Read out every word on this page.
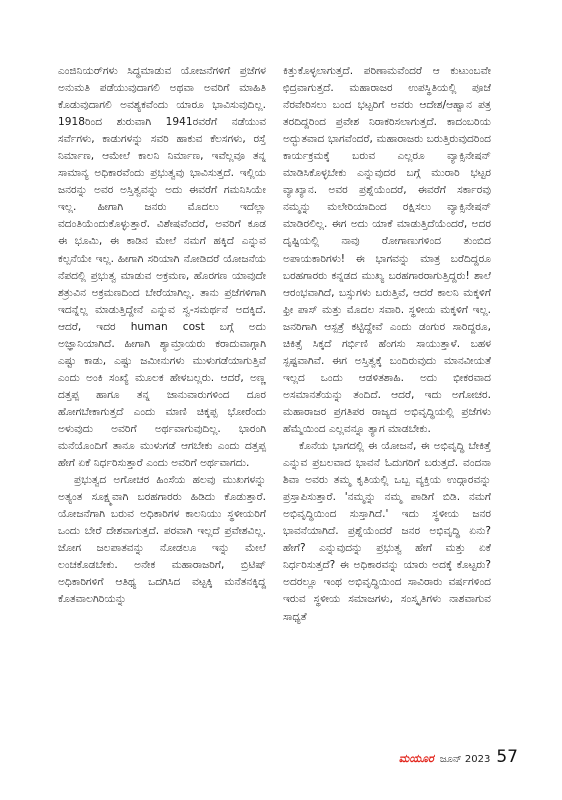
ಎಂಜಿನಿಯರ್‌ಗಳು ಸಿದ್ಧಮಾಡುವ ಯೋಜನೆಗಳಿಗೆ ಪ್ರಜೆಗಳ ಅನುಮತಿ ಪಡೆಯುವುದಾಗಲಿ ಅಥವಾ ಅವರಿಗೆ ಮಾಹಿತಿ ಕೊಡುವುದಾಗಲಿ ಅವಶ್ಯಕವೆಂದು ಯಾರೂ ಭಾವಿಸುವುದಿಲ್ಲ. 1918ರಿಂದ ಶುರುವಾಗಿ 1941ರವರೆಗೆ ನಡೆಯುವ ಸರ್ವೆಗಳು, ಕಾಡುಗಳನ್ನು ಸವರಿ ಹಾಕುವ ಕೆಲಸಗಳು, ರಸ್ತೆ ನಿರ್ಮಾಣ, ಆಮೇಲೆ ಕಾಲನಿ ನಿರ್ಮಾಣ, ಇವೆಲ್ಲವೂ ತನ್ನ ಸಾಮಾನ್ಯ ಅಧಿಕಾರವೆಂದು ಪ್ರಭುತ್ವವು ಭಾವಿಸುತ್ತದೆ. ಇಲ್ಲಿಯ ಜನರನ್ನು ಅವರ ಅಸ್ತಿತ್ವವನ್ನು ಅದು ಈವರೆಗೆ ಗಮನಿಸಿಯೇ ಇಲ್ಲ. ಹೀಗಾಗಿ ಜನರು ಮೊದಲು ಇದೆಲ್ಲಾ ವದಂತಿಯೆಂದುಕೊಳ್ಳುತ್ತಾರೆ. ವಿಶೇಷವೆಂದರೆ, ಅವರಿಗೆ ಕೂಡ ಈ ಭೂಮಿ, ಈ ಕಾಡಿನ ಮೇಲೆ ನಮಗೆ ಹಕ್ಕಿದೆ ಎನ್ನುವ ಕಲ್ಪನೆಯೇ ಇಲ್ಲ. ಹೀಗಾಗಿ ಸರಿಯಾಗಿ ನೋಡಿದರೆ ಯೋಜನೆಯ ನೆಪದಲ್ಲಿ ಪ್ರಭುತ್ವ ಮಾಡುವ ಅಕ್ರಮಣ, ಹೊರಗಣ ಯಾವುದೇ ಶತ್ರುವಿನ ಅಕ್ರಮಣದಿಂದ ಬೇರೆಯಾಗಿಲ್ಲ. ತಾನು ಪ್ರಜೆಗಳಿಗಾಗಿ ಇದನ್ನೆಲ್ಲ ಮಾಡುತ್ತಿದ್ದೇನೆ ಎನ್ನುವ ಸ್ವ-ಸಮರ್ಥನೆ ಅದಕ್ಕಿದೆ. ಆದರೆ, ಇದರ human cost ಬಗ್ಗೆ ಅದು ಅಜ್ಞಾನಿಯಾಗಿದೆ. ಹೀಗಾಗಿ ಶ್ಯಾಮ್ರಾಯರು ಕರಾದುವಾಗ್ಗಾಗಿ ಎಷ್ಟು ಕಾಡು, ಎಷ್ಟು ಜಮೀನುಗಳು ಮುಳುಗಡೆಯಾಗುತ್ತಿವೆ ಎಂದು ಅಂಕಿ ಸಂಖ್ಯೆ ಮೂಲಕ ಹೇಳಬಲ್ಲರು. ಆದರೆ, ಅಣ್ಣ ದತ್ತಪ್ಪ ಹಾಗೂ ತನ್ನ ಜಾನುವಾರುಗಳಿಂದ ದೂರ ಹೋಗಬೇಕಾಗುತ್ತದೆ ಎಂದು ಮಾಣಿ ಚಿಕ್ಕಪ್ಪ ಭೋರೆಂದು ಅಳುವುದು ಅವರಿಗೆ ಅರ್ಥವಾಗುವುದಿಲ್ಲ. ಭಾರಂಗಿ ಮನೆಯೊಂದಿಗೆ ತಾನೂ ಮುಳುಗಡೆ ಆಗಬೇಕು ಎಂದು ದತ್ತಪ್ಪ ಹೇಗೆ ಏಕೆ ನಿರ್ಧರಿಸುತ್ತಾರೆ ಎಂದು ಅವರಿಗೆ ಅರ್ಥವಾಗದು.

ಪ್ರಭುತ್ವದ ಅಗೋಚರ ಹಿಂಸೆಯ ಹಲವು ಮುಖಗಳನ್ನು ಅತ್ಯಂತ ಸೂಕ್ಷ್ಮವಾಗಿ ಬರಹಗಾರರು ಹಿಡಿದು ಕೊಡುತ್ತಾರೆ. ಯೋಜನೆಗಾಗಿ ಬರುವ ಅಧಿಕಾರಿಗಳ ಕಾಲನಿಯು ಸ್ಥಳೀಯರಿಗೆ ಒಂದು ಬೇರೆ ದೇಶವಾಗುತ್ತದೆ. ಪರವಾಗಿ ಇಲ್ಲದೆ ಪ್ರವೇಶವಿಲ್ಲ. ಜೋಗ ಜಲಪಾತವನ್ನು ನೋಡಲೂ ಇನ್ನು ಮೇಲೆ ಲಂಚಕೊಡಬೇಕು. ಅನೇಕ ಮಹಾರಾಜರಿಗೆ, ಬ್ರಿಟಿಷ್ ಅಧಿಕಾರಿಗಳಿಗೆ ಆತಿಥ್ಯ ಒದಗಿಸಿದ ವಟ್ಟಕ್ಕಿ ಮನೆತನಕ್ಕಿದ್ದ ಕೊತವಾಲಗಿರಿಯನ್ನು

ಕಿತ್ತುಕೊಳ್ಳಲಾಗುತ್ತದೆ. ಪರಿಣಾಮವೆಂದರೆ ಆ ಕುಟುಂಬವೇ ಛಿದ್ರವಾಗುತ್ತದೆ. ಮಹಾರಾಜರ ಉಪಸ್ಥಿತಿಯಲ್ಲಿ ಪೂಜೆ ನೆರವೇರಿಸಲು ಬಂದ ಭಟ್ಟರಿಗೆ ಅವರು ಆದೇಶ/ಆಹ್ವಾನ ಪತ್ರ ತರದಿದ್ದರಿಂದ ಪ್ರವೇಶ ನಿರಾಕರಿಸಲಾಗುತ್ತದೆ. ಕಾದಂಬರಿಯ ಅದ್ಭುತವಾದ ಭಾಗವೆಂದರೆ, ಮಹಾರಾಜರು ಬರುತ್ತಿರುವುದರಿಂದ ಕಾರ್ಯಕ್ರಮಕ್ಕೆ ಬರುವ ಎಲ್ಲರೂ ವ್ಯಾಕ್ಸಿನೇಷನ್ ಮಾಡಿಸಿಕೊಳ್ಳಬೇಕು ಎನ್ನುವುದರ ಬಗ್ಗೆ ಮುರಾರಿ ಭಟ್ಟರ ವ್ಯಾಖ್ಯಾನ. ಅವರ ಪ್ರಶ್ನೆಯೆಂದರೆ, ಈವರೆಗೆ ಸರ್ಕಾರವು ನಮ್ಮನ್ನು ಮಲೇರಿಯಾದಿಂದ ರಕ್ಷಿಸಲು ವ್ಯಾಕ್ಸಿನೇಷನ್ ಮಾಡಿರಲಿಲ್ಲ. ಈಗ ಅದು ಯಾಕೆ ಮಾಡುತ್ತಿದೆಯೆಂದರೆ, ಅದರ ದೃಷ್ಟಿಯಲ್ಲಿ ನಾವು ರೋಗಾಣುಗಳಿಂದ ತುಂಬಿದ ಅಪಾಯಕಾರಿಗಳು! ಈ ಭಾಗವನ್ನು ಮಾತ್ರ ಬರೆದಿದ್ದರೂ ಬರಹಗಾರರು ಕನ್ನಡದ ಮುಖ್ಯ ಬರಹಗಾರರಾಗುತ್ತಿದ್ದರು! ಶಾಲೆ ಆರಂಭವಾಗಿದೆ, ಬಸ್ಸುಗಳು ಬರುತ್ತಿವೆ, ಆದರೆ ಕಾಲನಿ ಮಕ್ಕಳಿಗೆ ಫ್ರೀ ಪಾಸ್ ಮತ್ತು ಮೊದಲ ಸವಾರಿ. ಸ್ಥಳೀಯ ಮಕ್ಕಳಿಗೆ ಇಲ್ಲ. ಜನರಿಗಾಗಿ ಆಸ್ಪತ್ರೆ ಕಟ್ಟಿದ್ದೇವೆ ಎಂದು ಡಂಗುರ ಸಾರಿದ್ದರೂ, ಚಿಕಿತ್ಸೆ ಸಿಕ್ಕದೆ ಗರ್ಭಿಣಿ ಹೆಂಗಸು ಸಾಯುತ್ತಾಳೆ. ಬಹಳ ಸ್ಪಷ್ಟವಾಗಿವೆ. ಈಗ ಅಸ್ತಿತ್ವಕ್ಕೆ ಬಂದಿರುವುದು ಮಾನವೀಯತೆ ಇಲ್ಲದ ಒಂದು ಆಡಳಿತಶಾಹಿ. ಅದು ಭೀಕರವಾದ ಅಸಮಾನತೆಯನ್ನು ತಂದಿದೆ. ಆದರೆ, ಇದು ಅಗೋಚರ. ಮಹಾರಾಜರ ಪ್ರಗತಿಪರ ರಾಜ್ಯದ ಅಭಿವೃದ್ಧಿಯಲ್ಲಿ ಪ್ರಜೆಗಳು ಹೆಮ್ಮೆಯಿಂದ ಎಲ್ಲವನ್ನೂ ತ್ಯಾಗ ಮಾಡಬೇಕು.

ಕೊನೆಯ ಭಾಗದಲ್ಲಿ ಈ ಯೋಜನೆ, ಈ ಅಭಿವೃದ್ಧಿ ಬೇಕಿತ್ತೆ ಎನ್ನುವ ಪ್ರಬಲವಾದ ಭಾವನೆ ಓದುಗರಿಗೆ ಬರುತ್ತದೆ. ವಂದನಾ ಶಿವಾ ಅವರು ತಮ್ಮ ಕೃತಿಯಲ್ಲಿ ಒಬ್ಬ ವ್ಯಕ್ತಿಯ ಉದ್ಗಾರವನ್ನು ಪ್ರಸ್ತಾಪಿಸುತ್ತಾರೆ. 'ನಮ್ಮನ್ನು ನಮ್ಮ ಪಾಡಿಗೆ ಬಿಡಿ. ನಮಗೆ ಅಭಿವೃದ್ಧಿಯಿಂದ ಸುಸ್ತಾಗಿದೆ.' ಇದು ಸ್ಥಳೀಯ ಜನರ ಭಾವನೆಯಾಗಿದೆ. ಪ್ರಶ್ನೆಯೆಂದರೆ ಜನರ ಅಭಿವೃದ್ಧಿ ಏನು? ಹೇಗೆ? ಎನ್ನುವುದನ್ನು ಪ್ರಭುತ್ವ ಹೇಗೆ ಮತ್ತು ಏಕೆ ನಿರ್ಧರಿಸುತ್ತದೆ? ಈ ಅಧಿಕಾರವನ್ನು ಯಾರು ಅದಕ್ಕೆ ಕೊಟ್ಟರು? ಅದರಲ್ಲೂ ಇಂಥ ಅಭಿವೃದ್ಧಿಯಿಂದ ಸಾವಿರಾರು ವರ್ಷಗಳಿಂದ ಇರುವ ಸ್ಥಳೀಯ ಸಮಾಜಗಳು, ಸಂಸ್ಕೃತಿಗಳು ನಾಶವಾಗುವ ಸಾಧ್ಯತೆ

ಮಯೂರ ಜೂನ್ 2023 57
